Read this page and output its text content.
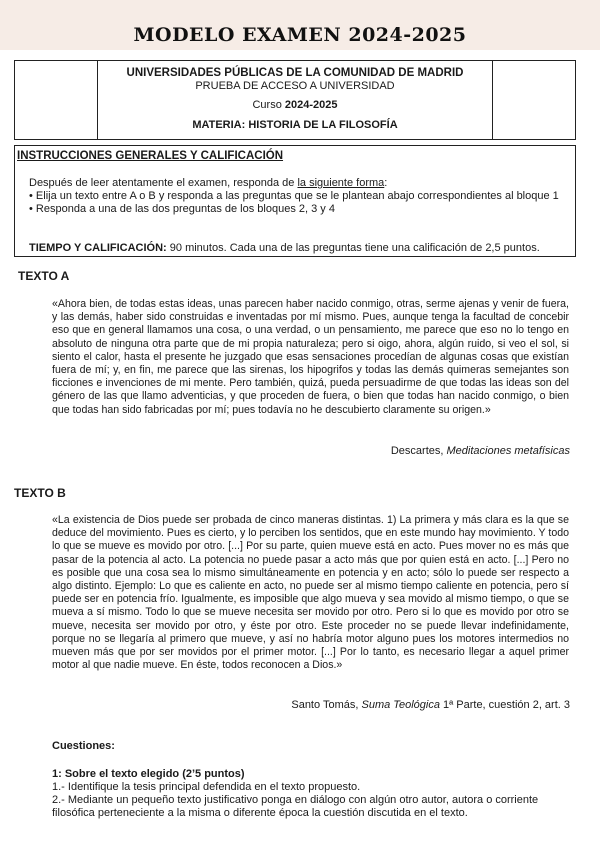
MODELO EXAMEN 2024-2025
UNIVERSIDADES PÚBLICAS DE LA COMUNIDAD DE MADRID
PRUEBA DE ACCESO A UNIVERSIDAD
Curso 2024-2025
MATERIA: HISTORIA DE LA FILOSOFÍA
INSTRUCCIONES GENERALES Y CALIFICACIÓN

Después de leer atentamente el examen, responda de la siguiente forma:

• Elija un texto entre A o B y responda a las preguntas que se le plantean abajo correspondientes al bloque 1

• Responda a una de las dos preguntas de los bloques 2, 3 y 4

TIEMPO Y CALIFICACIÓN: 90 minutos. Cada una de las preguntas tiene una calificación de 2,5 puntos.
TEXTO A

«Ahora bien, de todas estas ideas, unas parecen haber nacido conmigo, otras, serme ajenas y venir de fuera, y las demás, haber sido construidas e inventadas por mí mismo. Pues, aunque tenga la facultad de concebir eso que en general llamamos una cosa, o una verdad, o un pensamiento, me parece que eso no lo tengo en absoluto de ninguna otra parte que de mi propia naturaleza; pero si oigo, ahora, algún ruido, si veo el sol, si siento el calor, hasta el presente he juzgado que esas sensaciones procedían de algunas cosas que existían fuera de mí; y, en fin, me parece que las sirenas, los hipogrifos y todas las demás quimeras semejantes son ficciones e invenciones de mi mente. Pero también, quizá, pueda persuadirme de que todas las ideas son del género de las que llamo adventicias, y que proceden de fuera, o bien que todas han nacido conmigo, o bien que todas han sido fabricadas por mí; pues todavía no he descubierto claramente su origen.»

Descartes, Meditaciones metafísicas
TEXTO B

«La existencia de Dios puede ser probada de cinco maneras distintas. 1) La primera y más clara es la que se deduce del movimiento. Pues es cierto, y lo perciben los sentidos, que en este mundo hay movimiento. Y todo lo que se mueve es movido por otro. [...] Por su parte, quien mueve está en acto. Pues mover no es más que pasar de la potencia al acto. La potencia no puede pasar a acto más que por quien está en acto. [...] Pero no es posible que una cosa sea lo mismo simultáneamente en potencia y en acto; sólo lo puede ser respecto a algo distinto. Ejemplo: Lo que es caliente en acto, no puede ser al mismo tiempo caliente en potencia, pero sí puede ser en potencia frío. Igualmente, es imposible que algo mueva y sea movido al mismo tiempo, o que se mueva a sí mismo. Todo lo que se mueve necesita ser movido por otro. Pero si lo que es movido por otro se mueve, necesita ser movido por otro, y éste por otro. Este proceder no se puede llevar indefinidamente, porque no se llegaría al primero que mueve, y así no habría motor alguno pues los motores intermedios no mueven más que por ser movidos por el primer motor. [...] Por lo tanto, es necesario llegar a aquel primer motor al que nadie mueve. En éste, todos reconocen a Dios.»

Santo Tomás, Suma Teológica 1ª Parte, cuestión 2, art. 3

Cuestiones:

1: Sobre el texto elegido (2’5 puntos)

1.- Identifique la tesis principal defendida en el texto propuesto.

2.- Mediante un pequeño texto justificativo ponga en diálogo con algún otro autor, autora o corriente filosófica perteneciente a la misma o diferente época la cuestión discutida en el texto.
